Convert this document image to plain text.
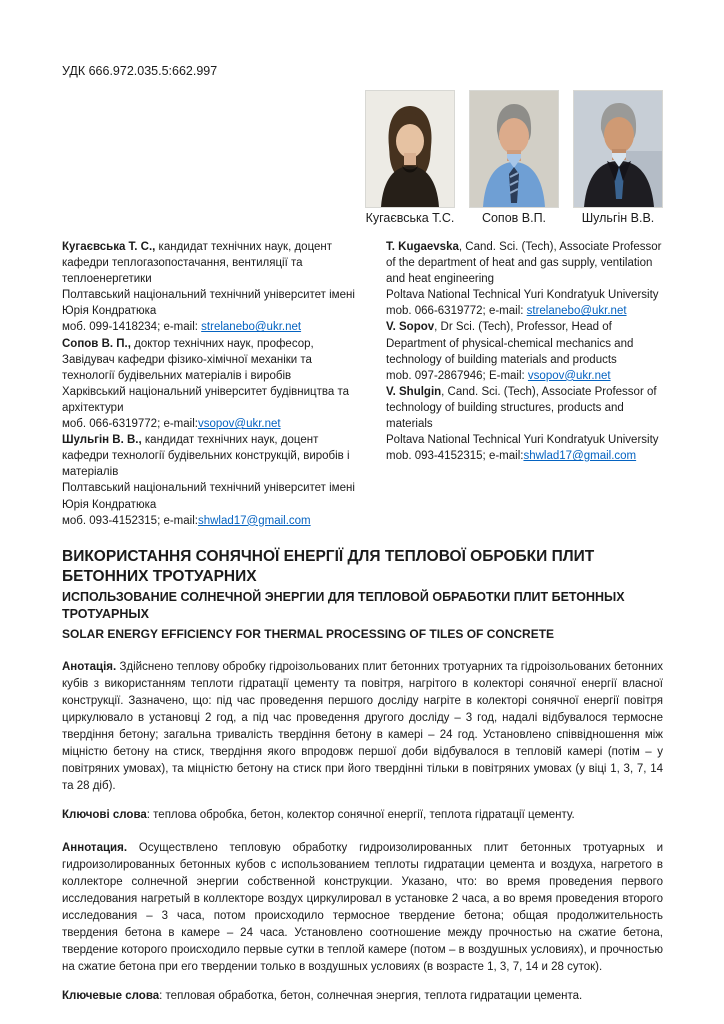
УДК 666.972.035.5:662.997
Кугаєвська Т.С. Сопов В.П.	Шульгін В.В.
Кугаєвська Т. С., кандидат технічних наук, доцент кафедри теплогазопостачання, вентиляції та теплоенергетики
Полтавський національний технічний університет імені Юрія Кондратюка
моб. 099-1418234; e-mail: strelanebo@ukr.net
Сопов В. П., доктор технічних наук, професор, Завідувач кафедри фізико-хімічної механіки та технології будівельних матеріалів і виробів
Харківський національний університет будівництва та архітектури
моб. 066-6319772; e-mail:vsopov@ukr.net
Шульгін В. В., кандидат технічних наук, доцент кафедри технології будівельних конструкцій, виробів і матеріалів
Полтавський національний технічний університет імені Юрія Кондратюка
моб. 093-4152315; e-mail:shwlad17@gmail.com
T. Kugaevska, Cand. Sci. (Tech), Associate Professor of the department of heat and gas supply, ventilation and heat engineering
Poltava National Technical Yuri Kondratyuk University
mob. 066-6319772; e-mail: strelanebo@ukr.net
V. Sopov, Dr Sci. (Tech), Professor, Head of Department of physical-chemical mechanics and technology of building materials and products
mob. 097-2867946; E-mail: vsopov@ukr.net
V. Shulgin, Cand. Sci. (Tech), Associate Professor of technology of building structures, products and materials
Poltava National Technical Yuri Kondratyuk University
mob. 093-4152315; e-mail:shwlad17@gmail.com
ВИКОРИСТАННЯ СОНЯЧНОЇ ЕНЕРГІЇ ДЛЯ ТЕПЛОВОЇ ОБРОБКИ ПЛИТ БЕТОННИХ ТРОТУАРНИХ
ИСПОЛЬЗОВАНИЕ СОЛНЕЧНОЙ ЭНЕРГИИ ДЛЯ ТЕПЛОВОЙ ОБРАБОТКИ ПЛИТ БЕТОННЫХ ТРОТУАРНЫХ
SOLAR ENERGY EFFICIENCY FOR THERMAL PROCESSING OF TILES OF CONCRETE

Анотація. Здійснено теплову обробку гідроізольованих плит бетонних тротуарних та гідроізольованих бетонних кубів з використанням теплоти гідратації цементу та повітря, нагрітого в колекторі сонячної енергії власної конструкції. Зазначено, що: під час проведення першого досліду нагріте в колекторі сонячної енергії повітря циркулювало в установці 2 год, а під час проведення другого досліду – 3 год, надалі відбувалося термосне твердіння бетону; загальна тривалість твердіння бетону в камері – 24 год. Установлено співвідношення між міцністю бетону на стиск, твердіння якого впродовж першої доби відбувалося в тепловій камері (потім – у повітряних умовах), та міцністю бетону на стиск при його твердінні тільки в повітряних умовах (у віці 1, 3, 7, 14 та 28 діб).

Ключові слова: теплова обробка, бетон, колектор сонячної енергії, теплота гідратації цементу.

Аннотация. Осуществлено тепловую обработку гидроизолированных плит бетонных тротуарных и гидроизолированных бетонных кубов с использованием теплоты гидратации цемента и воздуха, нагретого в коллекторе солнечной энергии собственной конструкции. Указано, что: во время проведения первого исследования нагретый в коллекторе воздух циркулировал в установке 2 часа, а во время проведения второго исследования – 3 часа, потом происходило термосное твердение бетона; общая продолжительность твердения бетона в камере – 24 часа. Установлено соотношение между прочностью на сжатие бетона, твердение которого происходило первые сутки в теплой камере (потом – в воздушных условиях), и прочностью на сжатие бетона при его твердении только в воздушных условиях (в возрасте 1, 3, 7, 14 и 28 суток).

Ключевые слова: тепловая обработка, бетон, солнечная энергия, теплота гидратации цемента.
